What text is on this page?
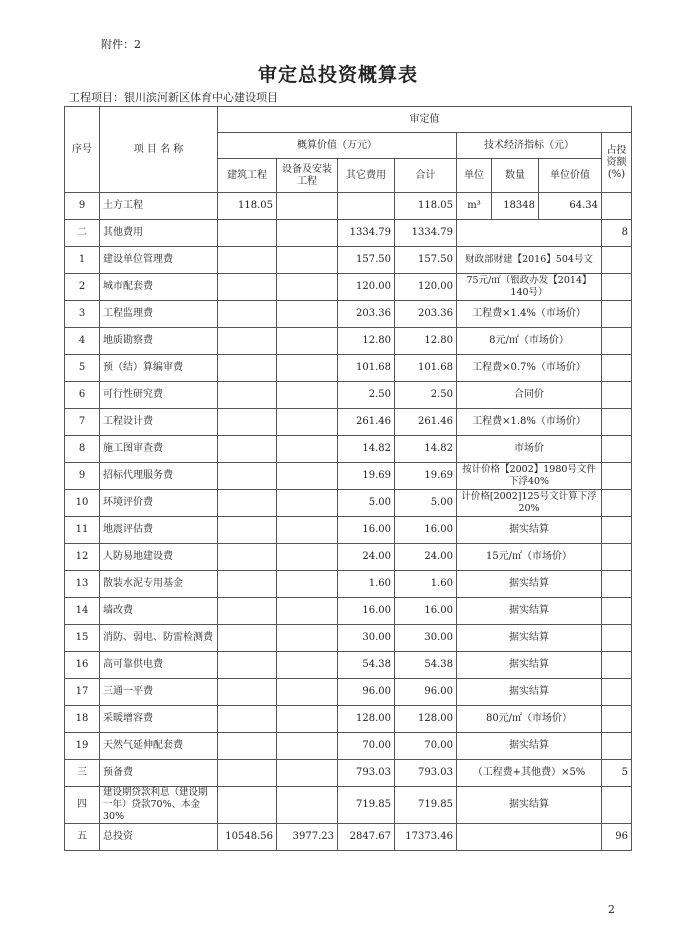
附件：2
审定总投资概算表
工程项目：银川滨河新区体育中心建设项目
序号	项 目 名 称	审定值							
		概算价值（万元）				技术经济指标（元）			占投资额(%)
		建筑工程	设备及安装工程	其它费用	合计	单位	数量	单位价值	
9	土方工程	118.05			118.05	m³	18348	64.34	
二	其他费用			1334.79	1334.79				8
1	建设单位管理费			157.50	157.50	财政部财建【2016】504号文			
2	城市配套费			120.00	120.00	75元/㎡（银政办发【2014】140号）			
3	工程监理费			203.36	203.36	工程费×1.4%（市场价）			
4	地质勘察费			12.80	12.80	8元/㎡（市场价）			
5	预（结）算编审费			101.68	101.68	工程费×0.7%（市场价）			
6	可行性研究费			2.50	2.50	合同价			
7	工程设计费			261.46	261.46	工程费×1.8%（市场价）			
8	施工图审查费			14.82	14.82	市场价			
9	招标代理服务费			19.69	19.69	按计价格【2002】1980号文件下浮40%			
10	环境评价费			5.00	5.00	计价格[2002]125号文计算下浮20%			
11	地震评估费			16.00	16.00	据实结算			
12	人防易地建设费			24.00	24.00	15元/㎡（市场价）			
13	散装水泥专用基金			1.60	1.60	据实结算			
14	墙改费			16.00	16.00	据实结算			
15	消防、弱电、防雷检测费			30.00	30.00	据实结算			
16	高可靠供电费			54.38	54.38	据实结算			
17	三通一平费			96.00	96.00	据实结算			
18	采暖增容费			128.00	128.00	80元/㎡（市场价）			
19	天然气延伸配套费			70.00	70.00	据实结算			
三	预备费			793.03	793.03	（工程费+其他费）×5%			5
四	建设期贷款利息（建设期一年）贷款70%、本金30%			719.85	719.85	据实结算			
五	总投资	10548.56	3977.23	2847.67	17373.46				96
2
